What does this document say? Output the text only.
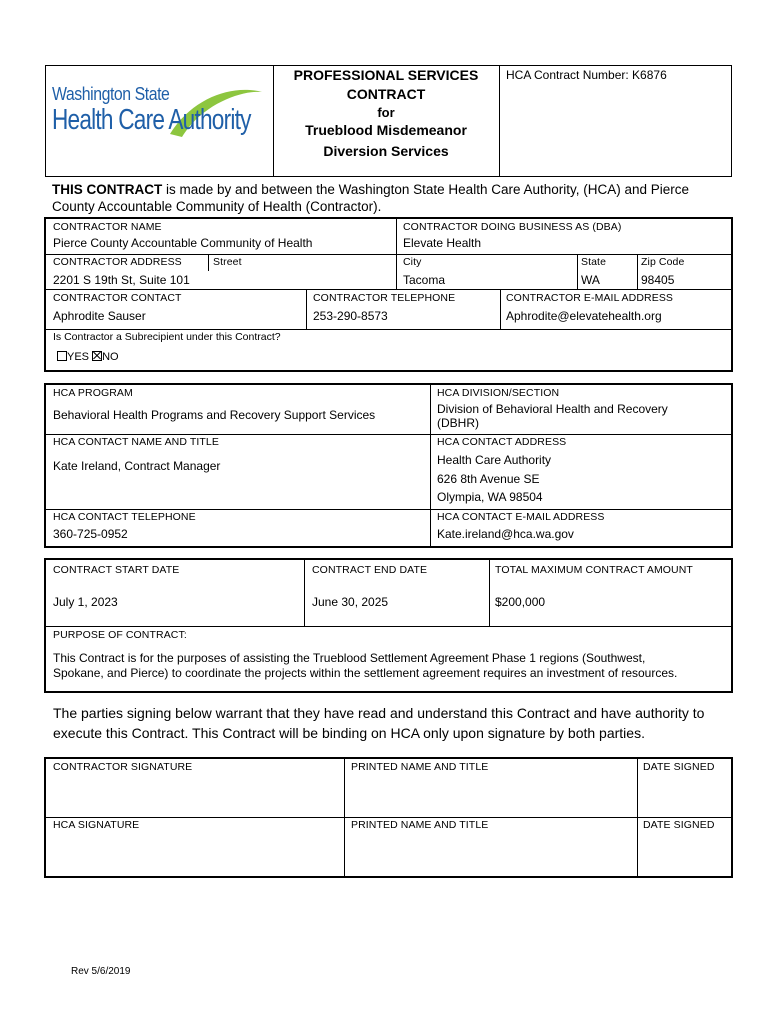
Washington State
Health Care Authority
PROFESSIONAL SERVICES
CONTRACT
for
Trueblood Misdemeanor
Diversion Services
HCA Contract Number: K6876
THIS CONTRACT is made by and between the Washington State Health Care Authority, (HCA) and Pierce County Accountable Community of Health (Contractor).
CONTRACTOR NAME
Pierce County Accountable Community of Health
CONTRACTOR DOING BUSINESS AS (DBA)
Elevate Health
CONTRACTOR ADDRESS	Street
2201 S 19th St, Suite 101
City
Tacoma
State
WA
Zip Code
98405
CONTRACTOR CONTACT
Aphrodite Sauser
CONTRACTOR TELEPHONE
253-290-8573
CONTRACTOR E-MAIL ADDRESS
Aphrodite@elevatehealth.org
Is Contractor a Subrecipient under this Contract?
YES NO
HCA PROGRAM
Behavioral Health Programs and Recovery Support Services
HCA DIVISION/SECTION
Division of Behavioral Health and Recovery
(DBHR)
HCA CONTACT NAME AND TITLE
Kate Ireland, Contract Manager
HCA CONTACT ADDRESS
Health Care Authority
626 8th Avenue SE
Olympia, WA 98504
HCA CONTACT TELEPHONE
360-725-0952
HCA CONTACT E-MAIL ADDRESS
Kate.ireland@hca.wa.gov
CONTRACT START DATE
July 1, 2023
CONTRACT END DATE
June 30, 2025
TOTAL MAXIMUM CONTRACT AMOUNT
$200,000
PURPOSE OF CONTRACT:
This Contract is for the purposes of assisting the Trueblood Settlement Agreement Phase 1 regions (Southwest,
Spokane, and Pierce) to coordinate the projects within the settlement agreement requires an investment of resources.
The parties signing below warrant that they have read and understand this Contract and have authority to
execute this Contract. This Contract will be binding on HCA only upon signature by both parties.
CONTRACTOR SIGNATURE	PRINTED NAME AND TITLE	DATE SIGNED
HCA SIGNATURE	PRINTED NAME AND TITLE	DATE SIGNED
Rev 5/6/2019
